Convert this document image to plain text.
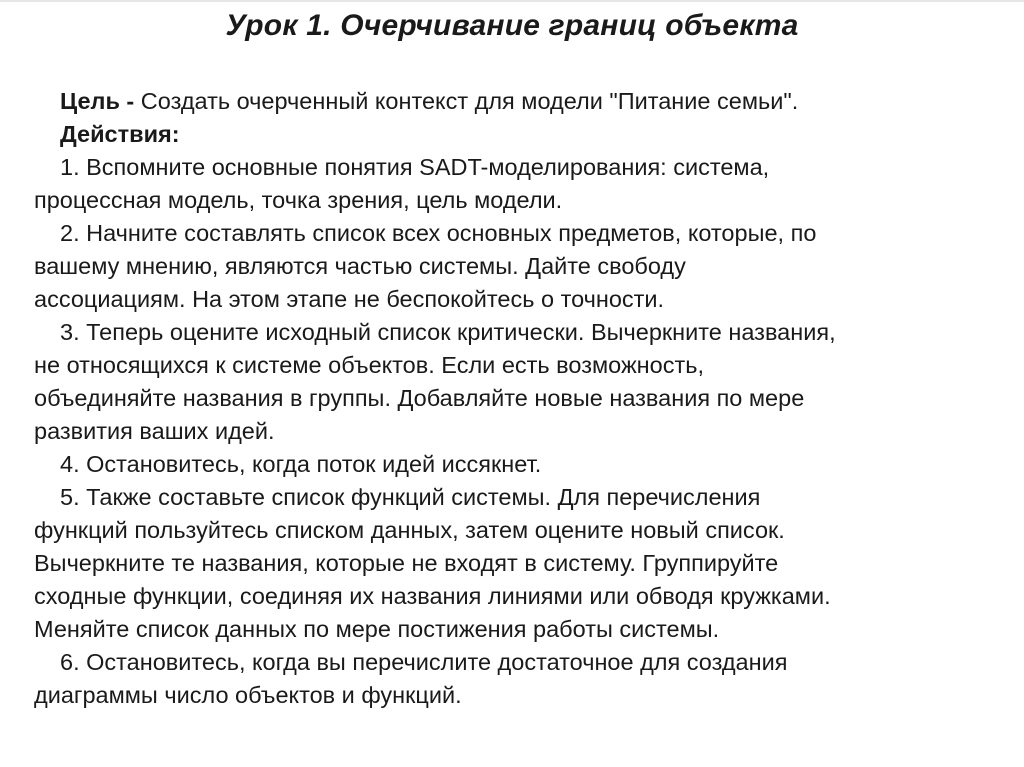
Урок 1. Очерчивание границ объекта
Цель - Создать очерченный контекст для модели "Питание семьи".
Действия:
1. Вспомните основные понятия SADT-моделирования: система,
процессная модель, точка зрения, цель модели.
2. Начните составлять список всех основных предметов, которые, по
вашему мнению, являются частью системы. Дайте свободу
ассоциациям. На этом этапе не беспокойтесь о точности.
3. Теперь оцените исходный список критически. Вычеркните названия,
не относящихся к системе объектов. Если есть возможность,
объединяйте названия в группы. Добавляйте новые названия по мере
развития ваших идей.
4. Остановитесь, когда поток идей иссякнет.
5. Также составьте список функций системы. Для перечисления
функций пользуйтесь списком данных, затем оцените новый список.
Вычеркните те названия, которые не входят в систему. Группируйте
сходные функции, соединяя их названия линиями или обводя кружками.
Меняйте список данных по мере постижения работы системы.
6. Остановитесь, когда вы перечислите достаточное для создания
диаграммы число объектов и функций.
